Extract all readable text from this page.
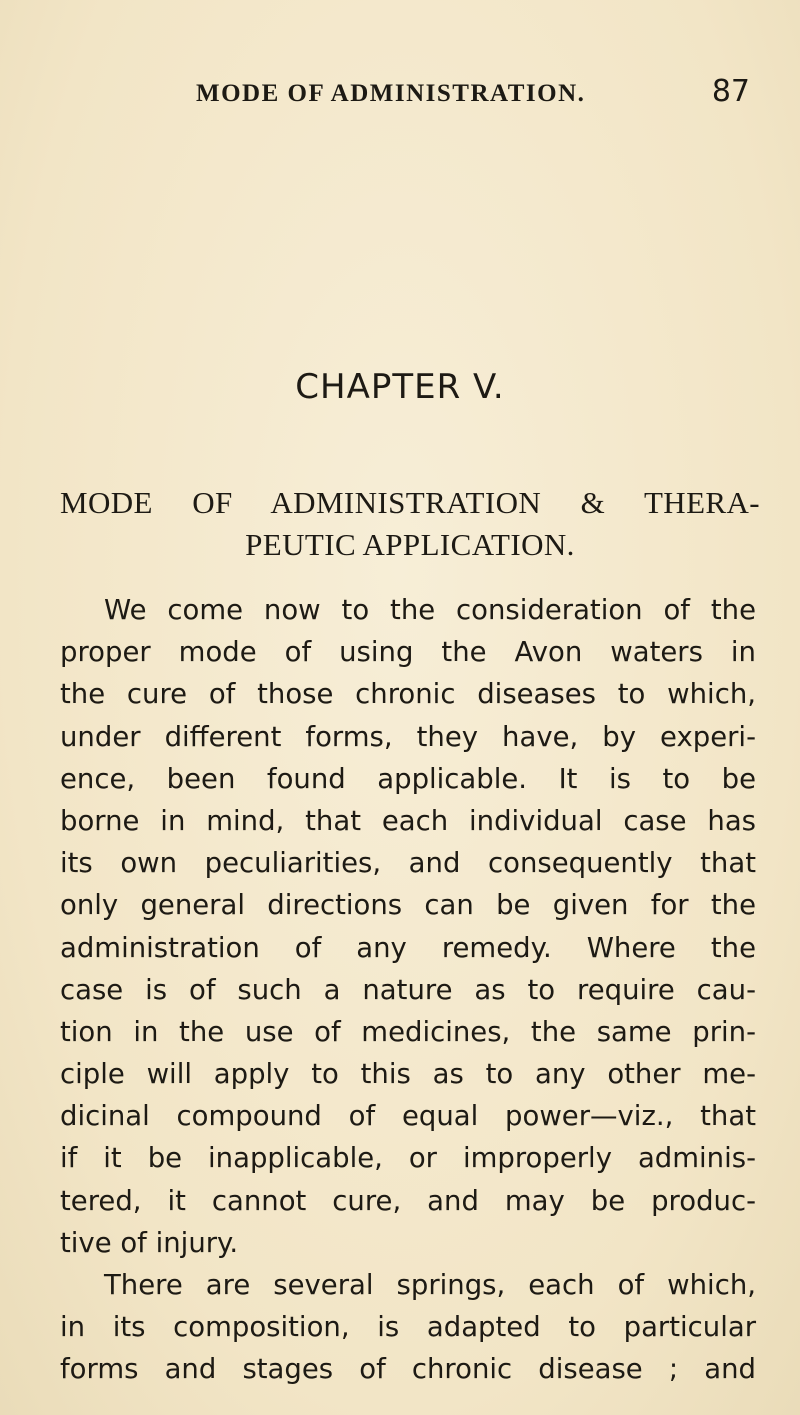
MODE OF ADMINISTRATION.	87
CHAPTER V.
MODE OF ADMINISTRATION & THERA-
PEUTIC APPLICATION.
We come now to the consideration of the
proper mode of using the Avon waters in
the cure of those chronic diseases to which,
under different forms, they have, by experi-
ence, been found applicable. It is to be
borne in mind, that each individual case has
its own peculiarities, and consequently that
only general directions can be given for the
administration of any remedy. Where the
case is of such a nature as to require cau-
tion in the use of medicines, the same prin-
ciple will apply to this as to any other me-
dicinal compound of equal power—viz., that
if it be inapplicable, or improperly adminis-
tered, it cannot cure, and may be produc-
tive of injury.
There are several springs, each of which,
in its composition, is adapted to particular
forms and stages of chronic disease ; and
